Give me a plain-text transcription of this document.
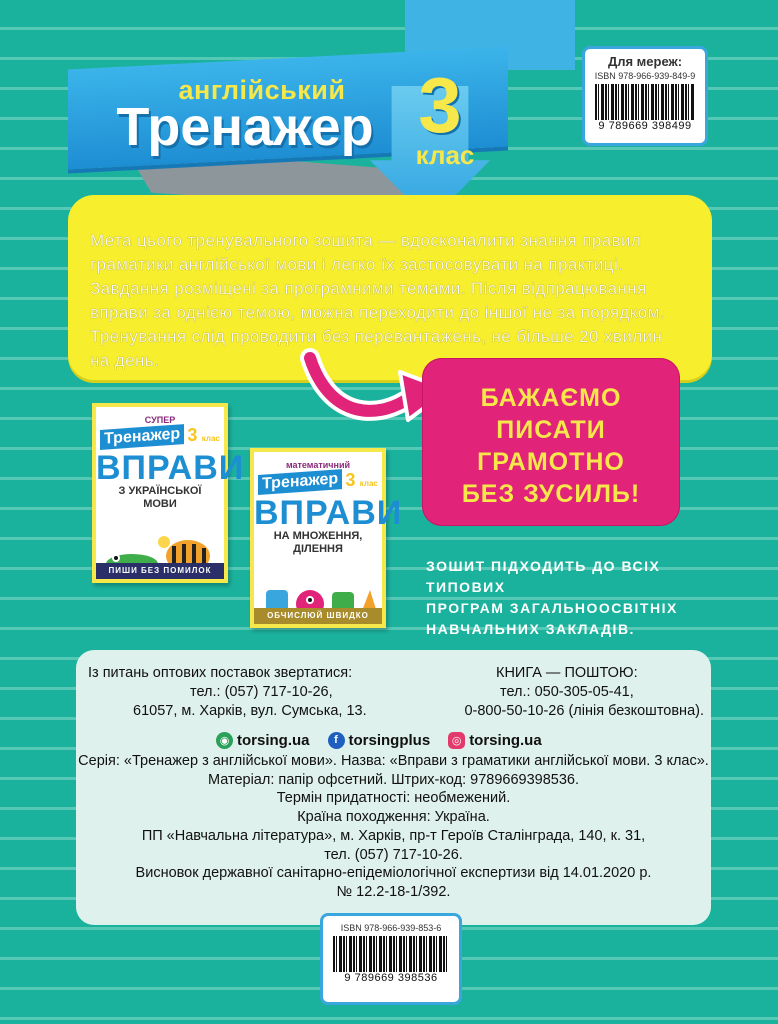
англійський
Тренажер 3
клас
Для мереж:
ISBN 978-966-939-849-9
9 789669 398499
Мета цього тренувального зошита — вдосконалити знання правил
граматики англійської мови і легко їх застосовувати на практиці.
Завдання розміщені за програмними темами. Після відпрацювання
вправи за однією темою, можна переходити до іншої не за порядком.
Тренування слід проводити без перевантажень, не більше 20 хвилин
на день.
БАЖАЄМО
ПИСАТИ
ГРАМОТНО
БЕЗ ЗУСИЛЬ!
СУПЕР
Тренажер 3 клас
ВПРАВИ
З УКРАЇНСЬКОЇ
МОВИ
ПИШИ БЕЗ ПОМИЛОК
математичний
Тренажер 3 клас
ВПРАВИ
НА МНОЖЕННЯ,
ДІЛЕННЯ
ОБЧИСЛЮЙ ШВИДКО
ЗОШИТ ПІДХОДИТЬ ДО ВСІХ ТИПОВИХ
ПРОГРАМ ЗАГАЛЬНООСВІТНІХ
НАВЧАЛЬНИХ ЗАКЛАДІВ.
Із питань оптових поставок звертатися:
тел.: (057) 717-10-26,
61057, м. Харків, вул. Сумська, 13.
КНИГА — ПОШТОЮ:
тел.: 050-305-05-41,
0-800-50-10-26 (лінія безкоштовна).
◉ torsing.ua	f torsingplus	◎ torsing.ua
Серія: «Тренажер з англійської мови». Назва: «Вправи з граматики англійської мови. 3 клас».
Матеріал: папір офсетний. Штрих-код: 9789669398536.
Термін придатності: необмежений.
Країна походження: Україна.
ПП «Навчальна література», м. Харків, пр-т Героїв Сталінграда, 140, к. 31,
тел. (057) 717-10-26.
Висновок державної санітарно-епідеміологічної експертизи від 14.01.2020 р.
№ 12.2-18-1/392.
ISBN 978-966-939-853-6
9 789669 398536
